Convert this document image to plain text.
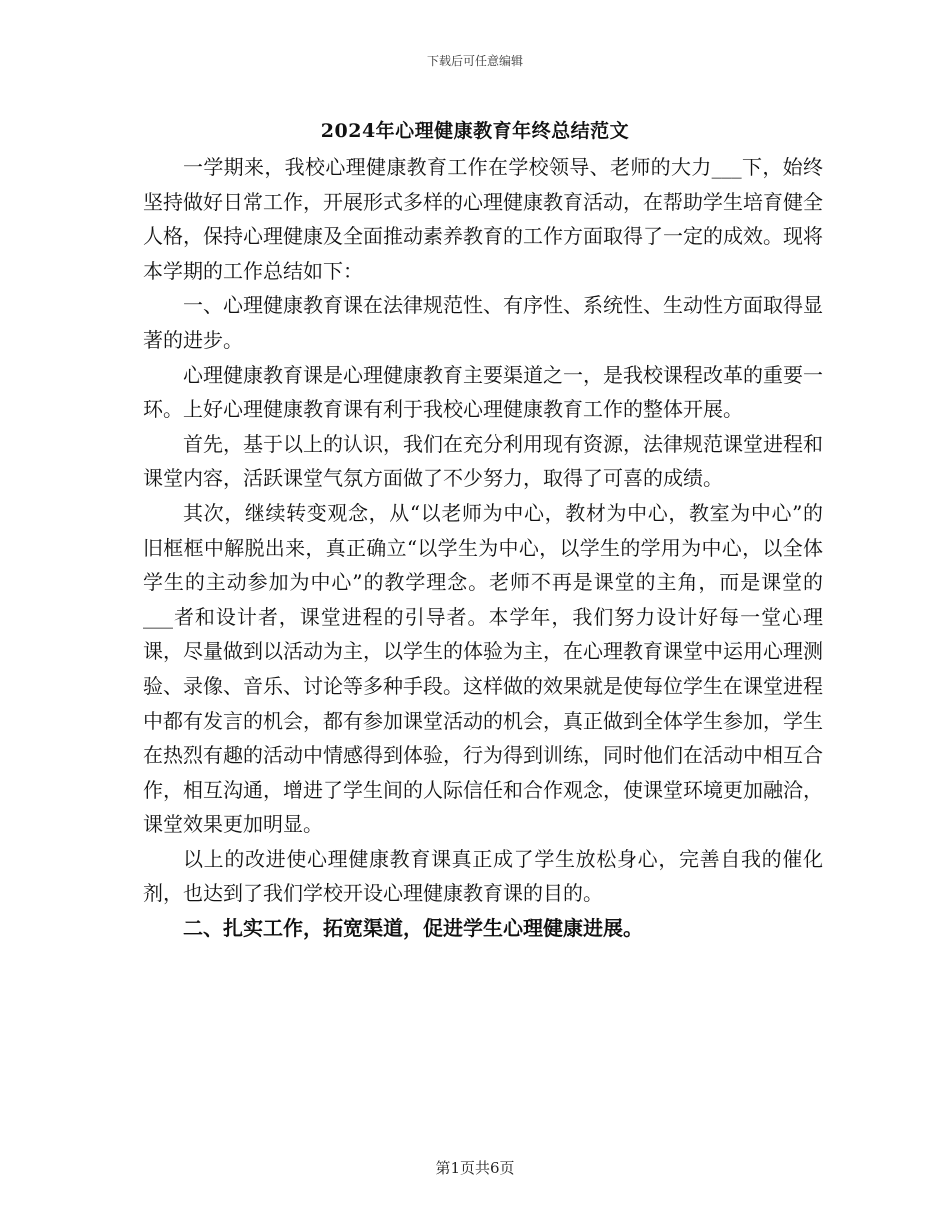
下载后可任意编辑
2024年心理健康教育年终总结范文

一学期来，我校心理健康教育工作在学校领导、老师的大力___下，始终坚持做好日常工作，开展形式多样的心理健康教育活动，在帮助学生培育健全人格，保持心理健康及全面推动素养教育的工作方面取得了一定的成效。现将本学期的工作总结如下：

一、心理健康教育课在法律规范性、有序性、系统性、生动性方面取得显著的进步。

心理健康教育课是心理健康教育主要渠道之一，是我校课程改革的重要一环。上好心理健康教育课有利于我校心理健康教育工作的整体开展。

首先，基于以上的认识，我们在充分利用现有资源，法律规范课堂进程和课堂内容，活跃课堂气氛方面做了不少努力，取得了可喜的成绩。

其次，继续转变观念，从“以老师为中心，教材为中心，教室为中心”的旧框框中解脱出来，真正确立“以学生为中心，以学生的学用为中心，以全体学生的主动参加为中心”的教学理念。老师不再是课堂的主角，而是课堂的___者和设计者，课堂进程的引导者。本学年，我们努力设计好每一堂心理课，尽量做到以活动为主，以学生的体验为主，在心理教育课堂中运用心理测验、录像、音乐、讨论等多种手段。这样做的效果就是使每位学生在课堂进程中都有发言的机会，都有参加课堂活动的机会，真正做到全体学生参加，学生在热烈有趣的活动中情感得到体验，行为得到训练，同时他们在活动中相互合作，相互沟通，增进了学生间的人际信任和合作观念，使课堂环境更加融洽，课堂效果更加明显。

以上的改进使心理健康教育课真正成了学生放松身心，完善自我的催化剂，也达到了我们学校开设心理健康教育课的目的。

二、扎实工作，拓宽渠道，促进学生心理健康进展。

第1页共6页
